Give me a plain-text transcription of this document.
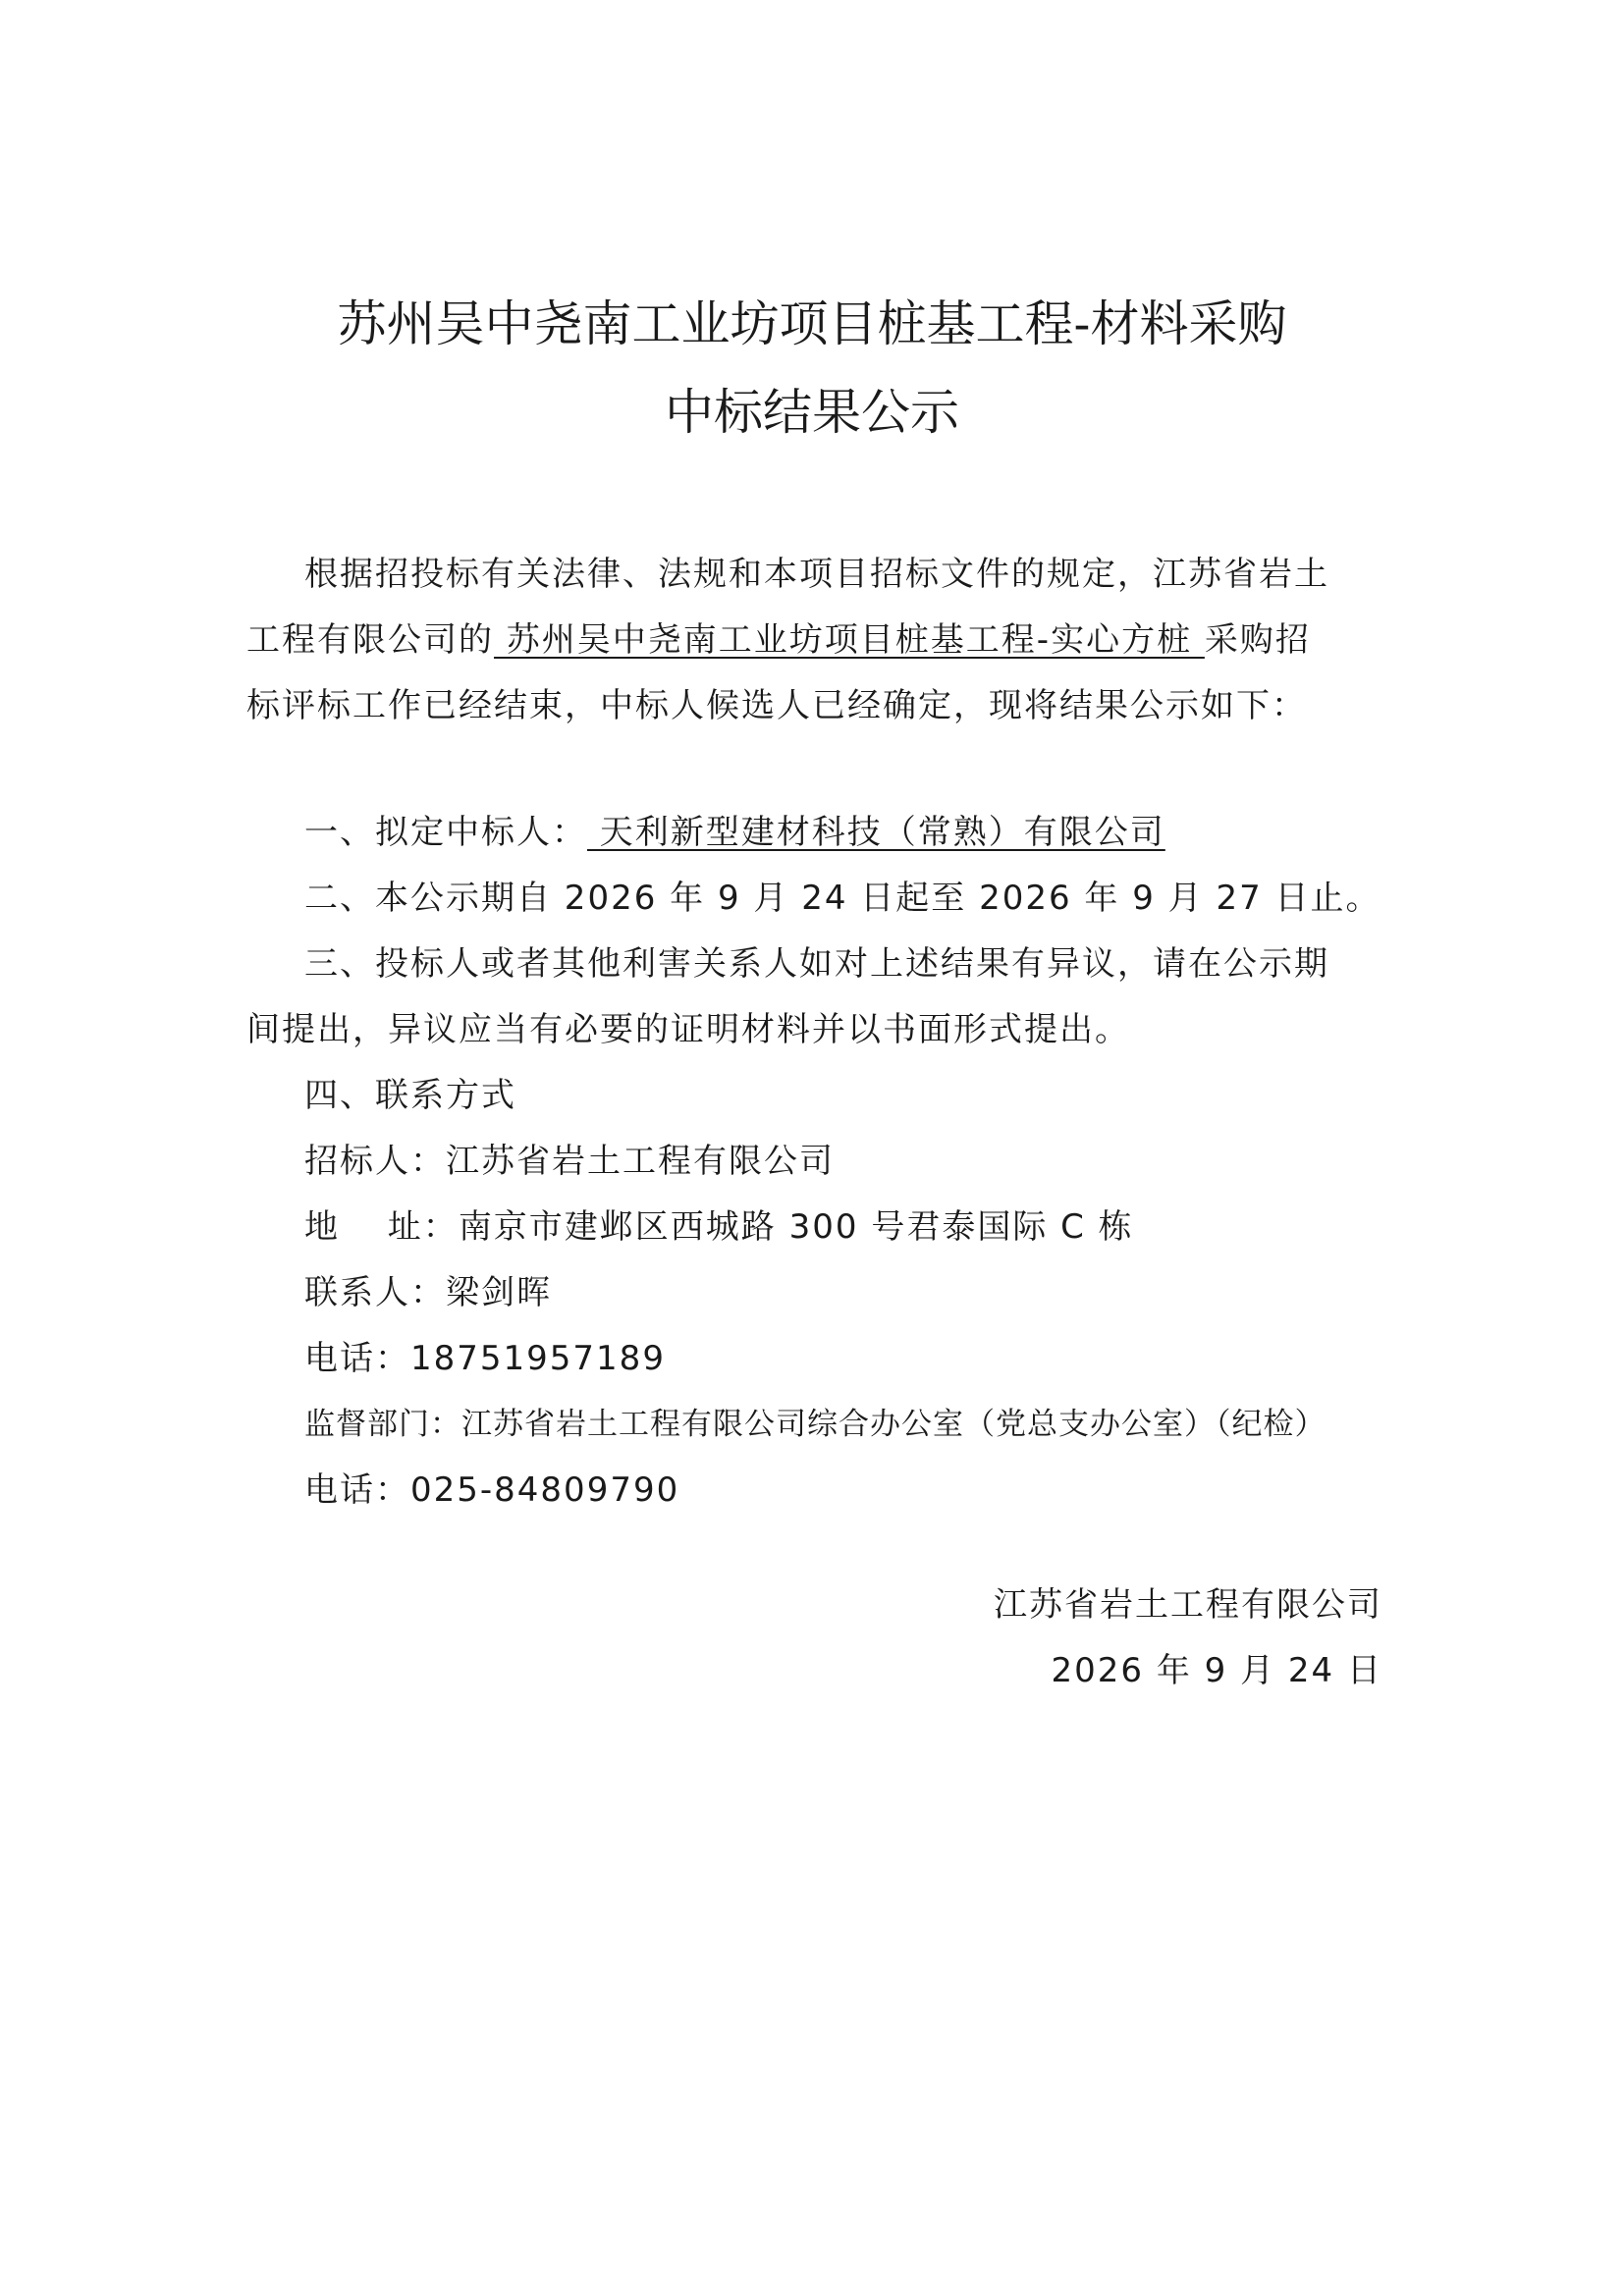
苏州吴中尧南工业坊项目桩基工程-材料采购
中标结果公示
根据招投标有关法律、法规和本项目招标文件的规定，江苏省岩土
工程有限公司的 苏州吴中尧南工业坊项目桩基工程-实心方桩 采购招
标评标工作已经结束，中标人候选人已经确定，现将结果公示如下：
一、拟定中标人： 天利新型建材科技（常熟）有限公司
二、本公示期自 2026 年 9 月 24 日起至 2026 年 9 月 27 日止。
三、投标人或者其他利害关系人如对上述结果有异议，请在公示期
间提出，异议应当有必要的证明材料并以书面形式提出。
四、联系方式
招标人：江苏省岩土工程有限公司
地　 址：南京市建邺区西城路 300 号君泰国际 C 栋
联系人：梁剑晖
电话：18751957189
监督部门：江苏省岩土工程有限公司综合办公室（党总支办公室）（纪检）
电话：025-84809790
江苏省岩土工程有限公司
2026 年 9 月 24 日
